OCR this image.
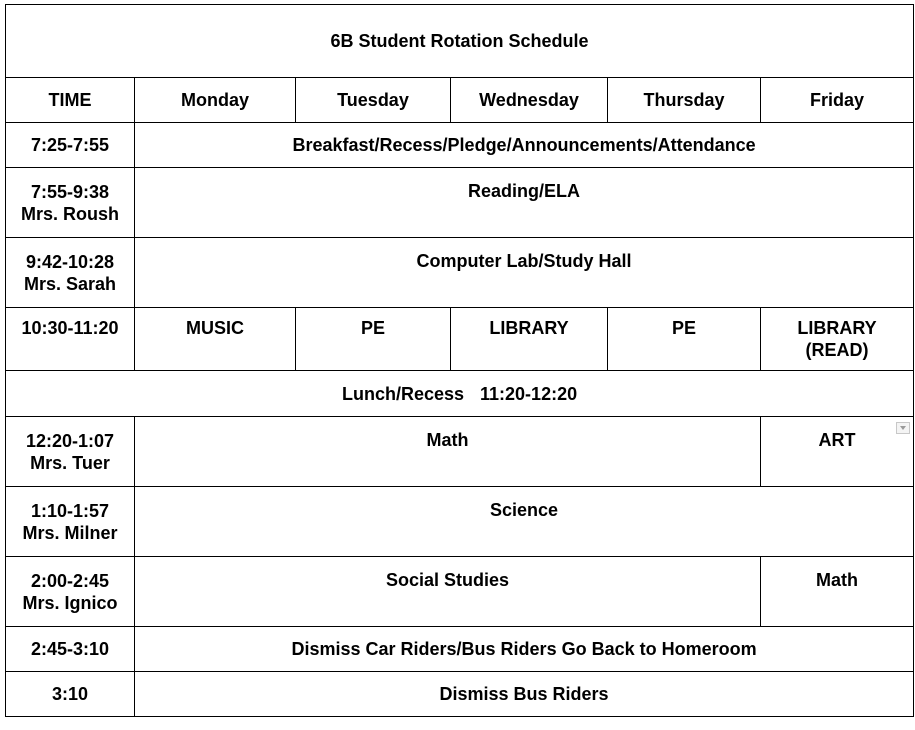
6B Student Rotation Schedule					
TIME	Monday	Tuesday	Wednesday	Thursday	Friday
7:25-7:55	Breakfast/Recess/Pledge/Announcements/Attendance				

7:55-9:38
Mrs. Roush	Reading/ELA				

9:42-10:28
Mrs. Sarah	Computer Lab/Study Hall				
10:30-11:20	MUSIC	PE	LIBRARY	PE	LIBRARY
(READ)
Lunch/Recess 11:20-12:20					

12:20-1:07
Mrs. Tuer	Math				ART

1:10-1:57
Mrs. Milner	Science				

2:00-2:45
Mrs. Ignico	Social Studies				Math
2:45-3:10	Dismiss Car Riders/Bus Riders Go Back to Homeroom				
3:10	Dismiss Bus Riders				
